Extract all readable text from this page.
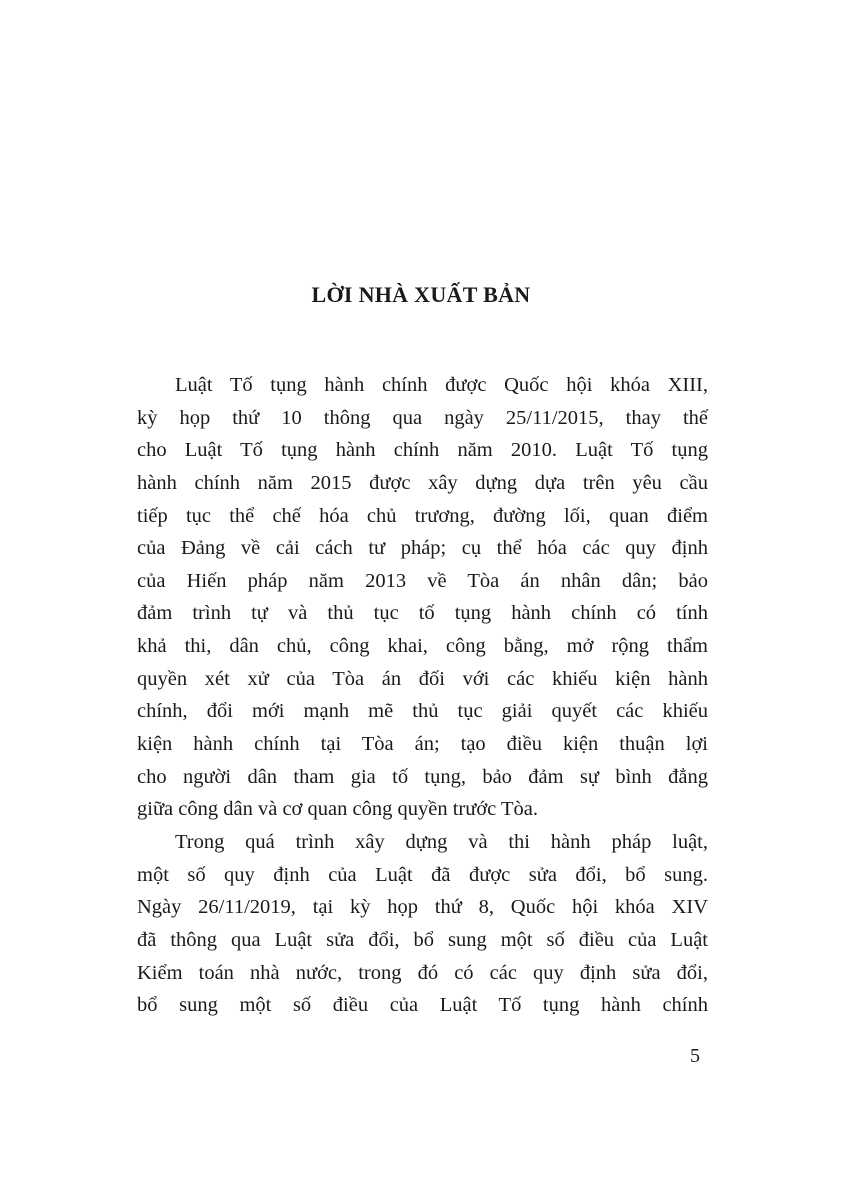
LỜI NHÀ XUẤT BẢN
Luật Tố tụng hành chính được Quốc hội khóa XIII,
kỳ họp thứ 10 thông qua ngày 25/11/2015, thay thế
cho Luật Tố tụng hành chính năm 2010. Luật Tố tụng
hành chính năm 2015 được xây dựng dựa trên yêu cầu
tiếp tục thể chế hóa chủ trương, đường lối, quan điểm
của Đảng về cải cách tư pháp; cụ thể hóa các quy định
của Hiến pháp năm 2013 về Tòa án nhân dân; bảo
đảm trình tự và thủ tục tố tụng hành chính có tính
khả thi, dân chủ, công khai, công bằng, mở rộng thẩm
quyền xét xử của Tòa án đối với các khiếu kiện hành
chính, đổi mới mạnh mẽ thủ tục giải quyết các khiếu
kiện hành chính tại Tòa án; tạo điều kiện thuận lợi
cho người dân tham gia tố tụng, bảo đảm sự bình đẳng
giữa công dân và cơ quan công quyền trước Tòa.
Trong quá trình xây dựng và thi hành pháp luật,
một số quy định của Luật đã được sửa đổi, bổ sung.
Ngày 26/11/2019, tại kỳ họp thứ 8, Quốc hội khóa XIV
đã thông qua Luật sửa đổi, bổ sung một số điều của Luật
Kiểm toán nhà nước, trong đó có các quy định sửa đổi,
bổ sung một số điều của Luật Tố tụng hành chính
5
